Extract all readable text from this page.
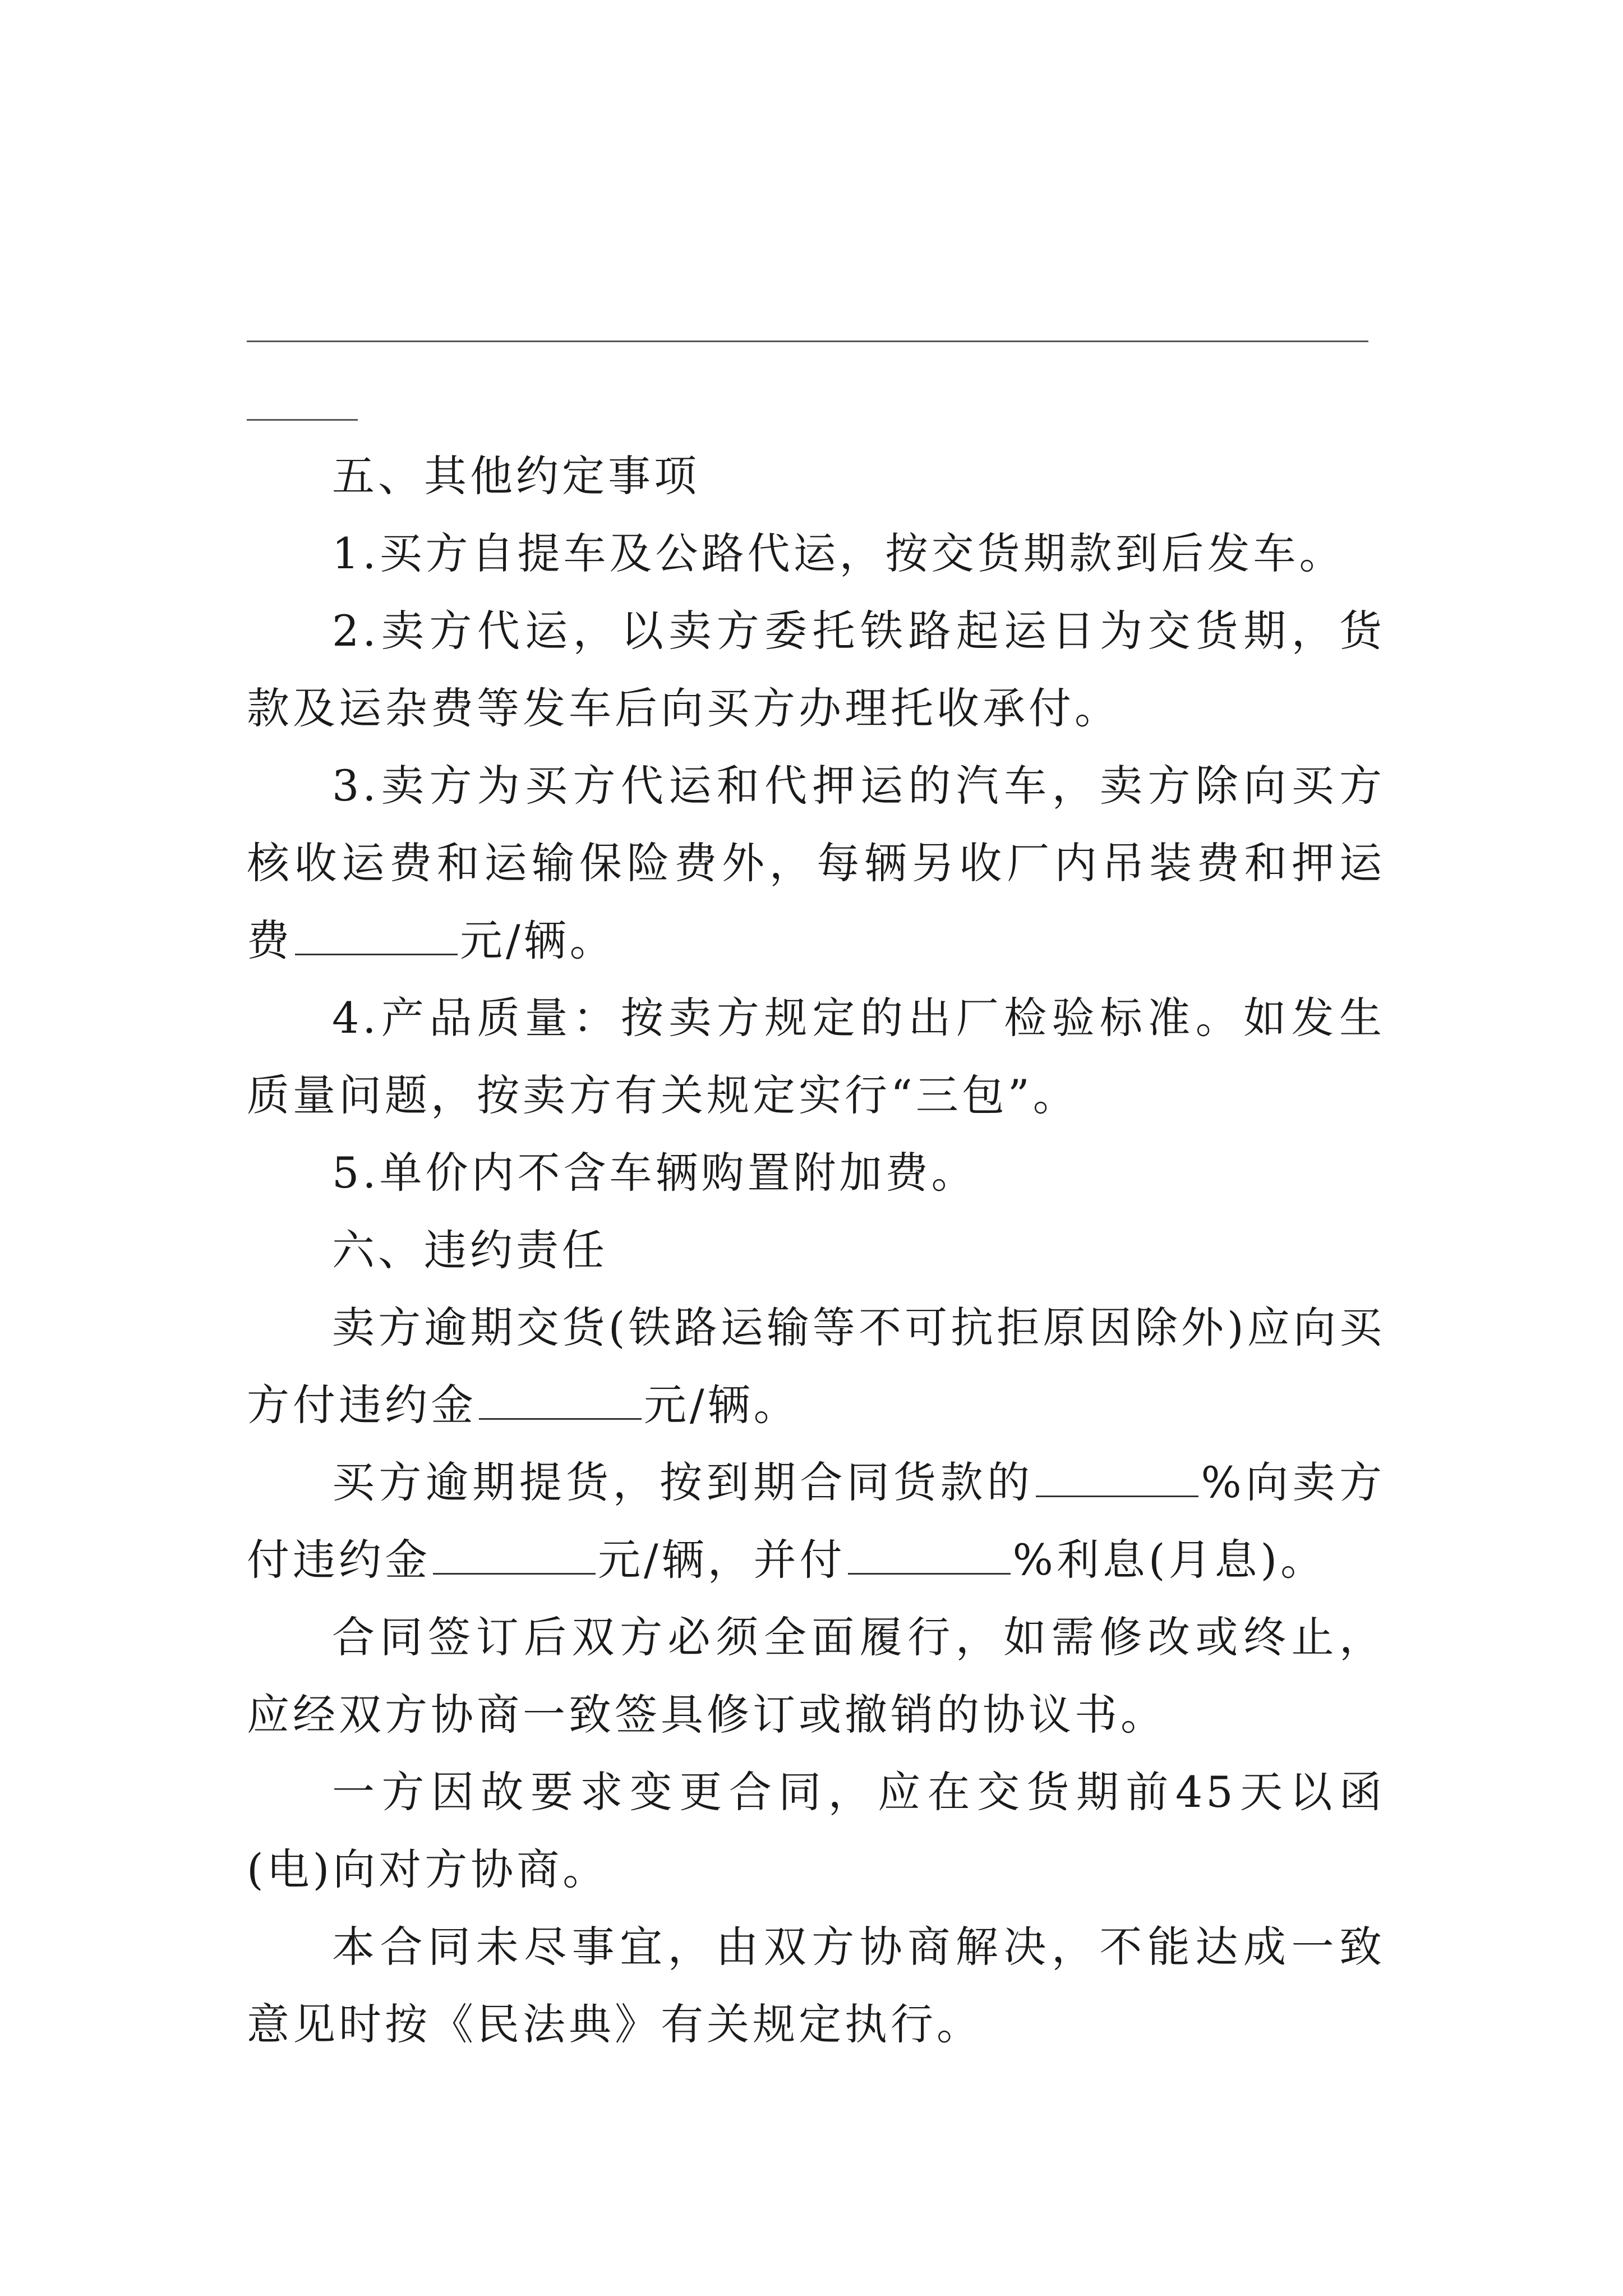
五、其他约定事项

1.买方自提车及公路代运，按交货期款到后发车。

2.卖方代运，以卖方委托铁路起运日为交货期，货款及运杂费等发车后向买方办理托收承付。

3.卖方为买方代运和代押运的汽车，卖方除向买方核收运费和运输保险费外，每辆另收厂内吊装费和押运费	元/辆。

4.产品质量：按卖方规定的出厂检验标准。如发生质量问题，按卖方有关规定实行“三包”。

5.单价内不含车辆购置附加费。

六、违约责任

卖方逾期交货(铁路运输等不可抗拒原因除外)应向买方付违约金	元/辆。

买方逾期提货，按到期合同货款的	%向卖方付违约金	元/辆，并付	%利息(月息)。

合同签订后双方必须全面履行，如需修改或终止，应经双方协商一致签具修订或撤销的协议书。

一方因故要求变更合同，应在交货期前45天以函(电)向对方协商。

本合同未尽事宜，由双方协商解决，不能达成一致意见时按《民法典》有关规定执行。
